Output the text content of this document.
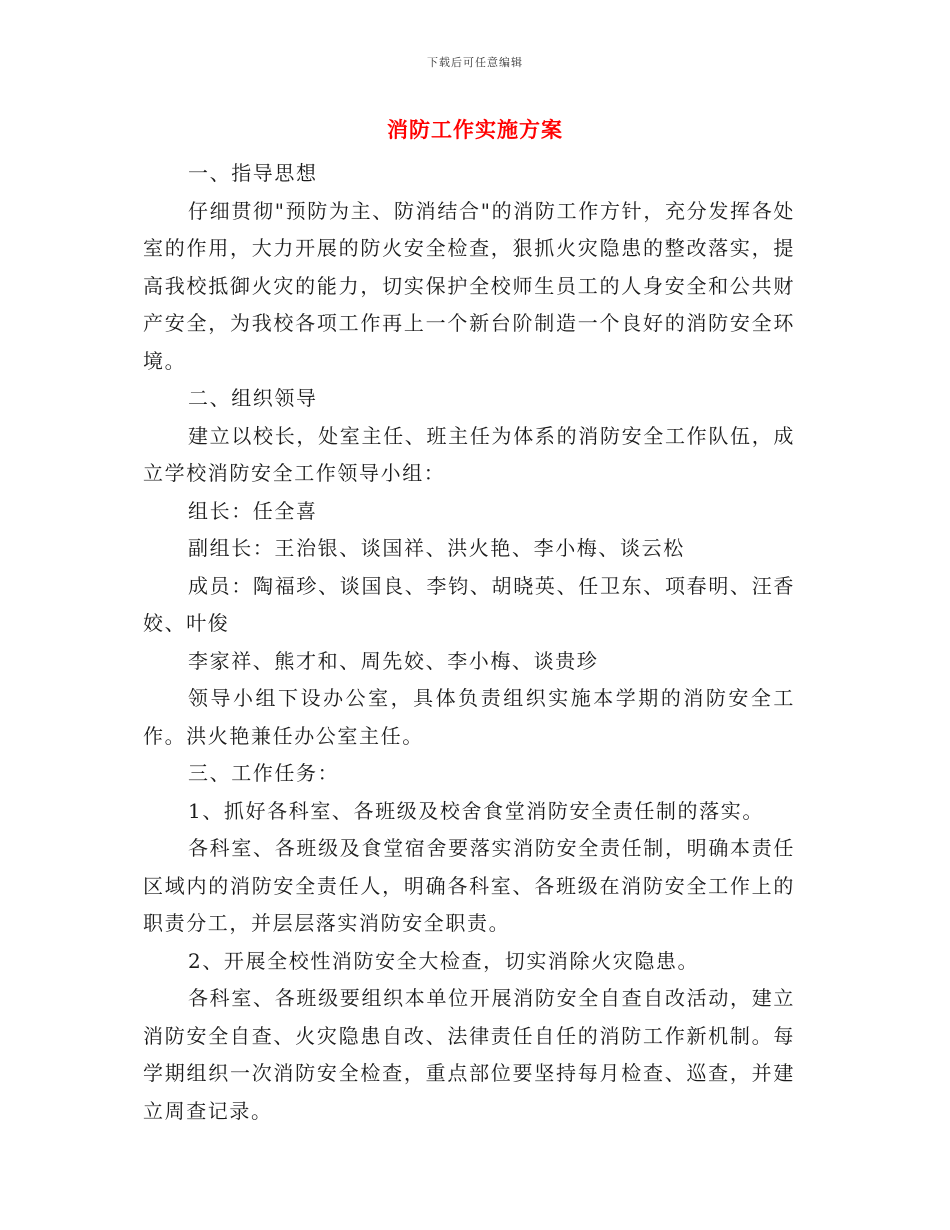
下载后可任意编辑
消防工作实施方案

一、指导思想

仔细贯彻"预防为主、防消结合"的消防工作方针，充分发挥各处室的作用，大力开展的防火安全检查，狠抓火灾隐患的整改落实，提高我校抵御火灾的能力，切实保护全校师生员工的人身安全和公共财产安全，为我校各项工作再上一个新台阶制造一个良好的消防安全环境。

二、组织领导

建立以校长，处室主任、班主任为体系的消防安全工作队伍，成立学校消防安全工作领导小组：

组长：任全喜

副组长：王治银、谈国祥、洪火艳、李小梅、谈云松

成员：陶福珍、谈国良、李钧、胡晓英、任卫东、项春明、汪香姣、叶俊

李家祥、熊才和、周先姣、李小梅、谈贵珍

领导小组下设办公室，具体负责组织实施本学期的消防安全工作。洪火艳兼任办公室主任。

三、工作任务：

1、抓好各科室、各班级及校舍食堂消防安全责任制的落实。

各科室、各班级及食堂宿舍要落实消防安全责任制，明确本责任区域内的消防安全责任人，明确各科室、各班级在消防安全工作上的职责分工，并层层落实消防安全职责。

2、开展全校性消防安全大检查，切实消除火灾隐患。

各科室、各班级要组织本单位开展消防安全自查自改活动，建立消防安全自查、火灾隐患自改、法律责任自任的消防工作新机制。每学期组织一次消防安全检查，重点部位要坚持每月检查、巡查，并建立周查记录。
